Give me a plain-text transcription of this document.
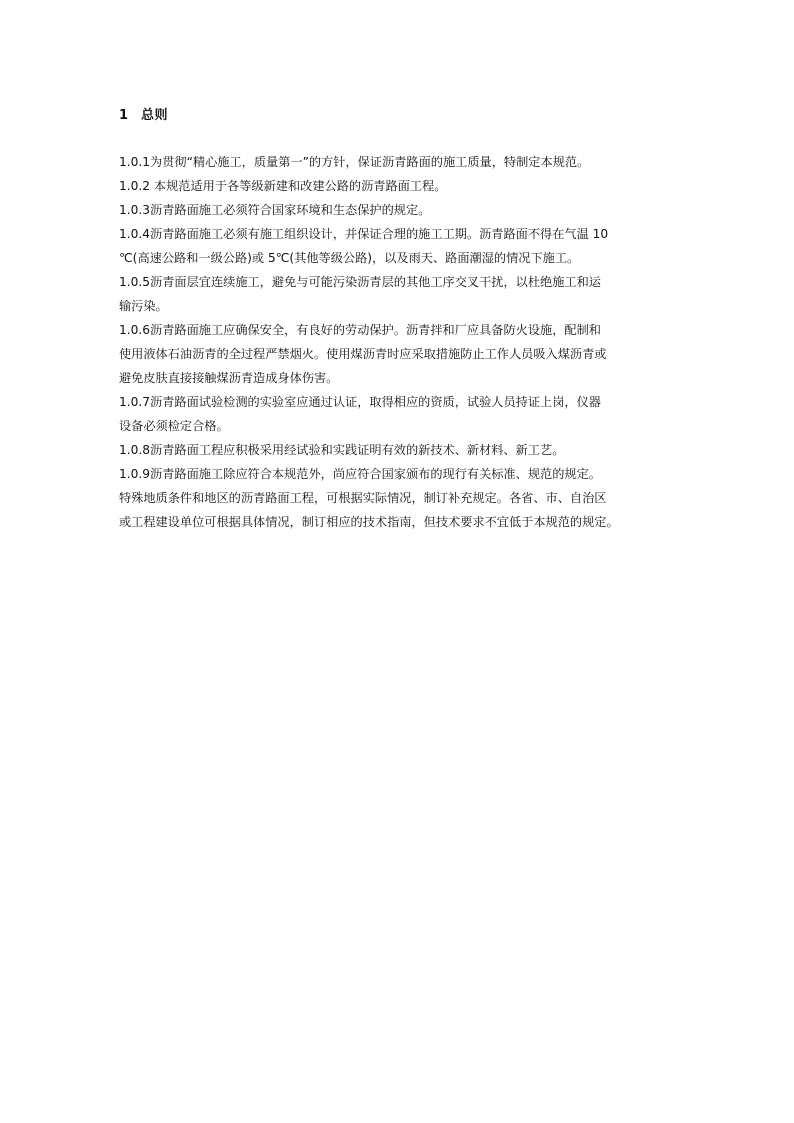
1 总则
1.0.1为贯彻“精心施工，质量第一”的方针，保证沥青路面的施工质量，特制定本规范。
1.0.2 本规范适用于各等级新建和改建公路的沥青路面工程。
1.0.3沥青路面施工必须符合国家环境和生态保护的规定。
1.0.4沥青路面施工必须有施工组织设计，并保证合理的施工工期。沥青路面不得在气温 10
℃(高速公路和一级公路)或 5℃(其他等级公路)，以及雨天、路面潮湿的情况下施工。
1.0.5沥青面层宜连续施工，避免与可能污染沥青层的其他工序交叉干扰，以杜绝施工和运
输污染。
1.0.6沥青路面施工应确保安全，有良好的劳动保护。沥青拌和厂应具备防火设施，配制和
使用液体石油沥青的全过程严禁烟火。使用煤沥青时应采取措施防止工作人员吸入煤沥青或
避免皮肤直接接触煤沥青造成身体伤害。
1.0.7沥青路面试验检测的实验室应通过认证，取得相应的资质，试验人员持证上岗，仪器
设备必须检定合格。
1.0.8沥青路面工程应积极采用经试验和实践证明有效的新技术、新材料、新工艺。
1.0.9沥青路面施工除应符合本规范外，尚应符合国家颁布的现行有关标准、规范的规定。
特殊地质条件和地区的沥青路面工程，可根据实际情况，制订补充规定。各省、市、自治区
或工程建设单位可根据具体情况，制订相应的技术指南，但技术要求不宜低于本规范的规定。
